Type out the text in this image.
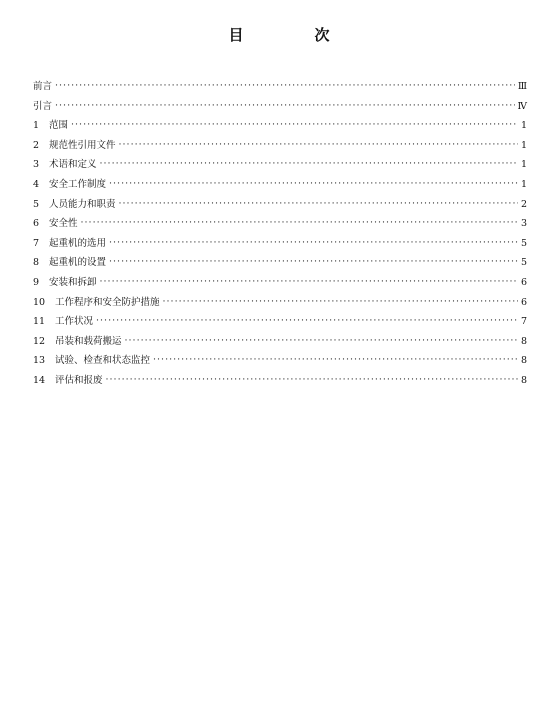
目　次
前言 ·····	Ⅲ
引言 ·····	Ⅳ
1	范围 ·····	1
2	规范性引用文件 ·····	1
3	术语和定义 ·····	1
4	安全工作制度 ·····	1
5	人员能力和职责 ·····	2
6	安全性 ·····	3
7	起重机的选用 ·····	5
8	起重机的设置 ·····	5
9	安装和拆卸 ·····	6
10	工作程序和安全防护措施 ·····	6
11	工作状况 ·····	7
12	吊装和载荷搬运 ·····	8
13	试验、检查和状态监控 ·····	8
14	评估和报废 ·····	8
